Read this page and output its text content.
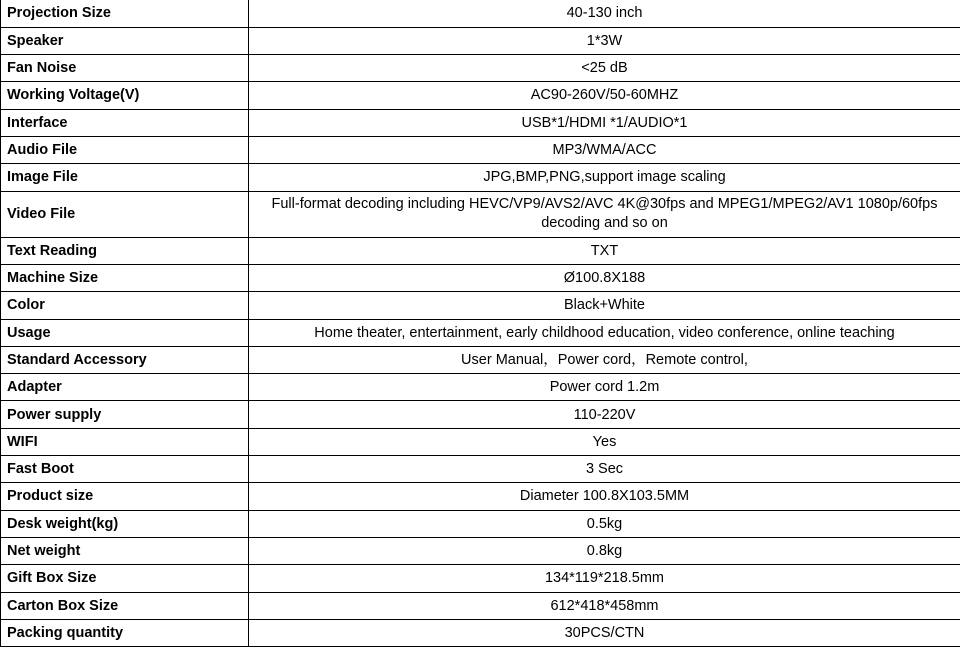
Projection Size	40-130 inch
Speaker	1*3W
Fan Noise	<25 dB
Working Voltage(V)	AC90-260V/50-60MHZ
Interface	USB*1/HDMI *1/AUDIO*1
Audio File	MP3/WMA/ACC
Image File	JPG,BMP,PNG,support image scaling
Video File	Full-format decoding including HEVC/VP9/AVS2/AVC 4K@30fps and MPEG1/MPEG2/AV1 1080p/60fps decoding and so on
Text Reading	TXT
Machine Size	Ø100.8X188
Color	Black+White
Usage	Home theater, entertainment, early childhood education, video conference, online teaching
Standard Accessory	User Manual，Power cord，Remote control,
Adapter	Power cord 1.2m
Power supply	110-220V
WIFI	Yes
Fast Boot	3 Sec
Product size	Diameter 100.8X103.5MM
Desk weight(kg)	0.5kg
Net weight	0.8kg
Gift Box Size	134*119*218.5mm
Carton Box Size	612*418*458mm
Packing quantity	30PCS/CTN
